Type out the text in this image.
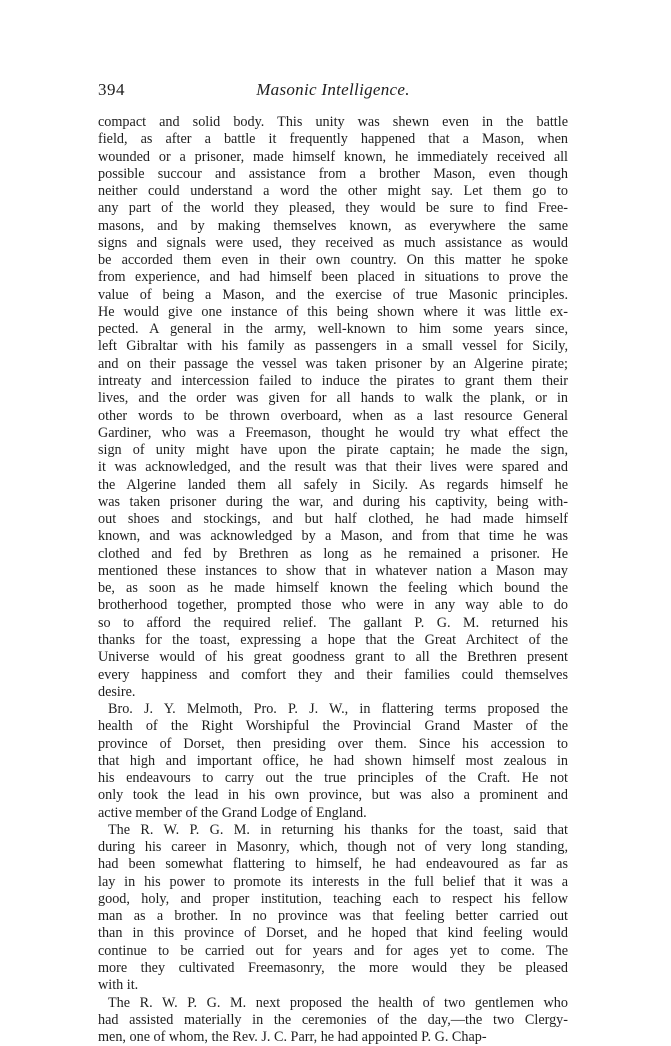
394	Masonic Intelligence.
compact and solid body. This unity was shewn even in the battle
field, as after a battle it frequently happened that a Mason, when
wounded or a prisoner, made himself known, he immediately received all
possible succour and assistance from a brother Mason, even though
neither could understand a word the other might say. Let them go to
any part of the world they pleased, they would be sure to find Free-
masons, and by making themselves known, as everywhere the same
signs and signals were used, they received as much assistance as would
be accorded them even in their own country. On this matter he spoke
from experience, and had himself been placed in situations to prove the
value of being a Mason, and the exercise of true Masonic principles.
He would give one instance of this being shown where it was little ex-
pected. A general in the army, well-known to him some years since,
left Gibraltar with his family as passengers in a small vessel for Sicily,
and on their passage the vessel was taken prisoner by an Algerine pirate;
intreaty and intercession failed to induce the pirates to grant them their
lives, and the order was given for all hands to walk the plank, or in
other words to be thrown overboard, when as a last resource General
Gardiner, who was a Freemason, thought he would try what effect the
sign of unity might have upon the pirate captain; he made the sign,
it was acknowledged, and the result was that their lives were spared and
the Algerine landed them all safely in Sicily. As regards himself he
was taken prisoner during the war, and during his captivity, being with-
out shoes and stockings, and but half clothed, he had made himself
known, and was acknowledged by a Mason, and from that time he was
clothed and fed by Brethren as long as he remained a prisoner. He
mentioned these instances to show that in whatever nation a Mason may
be, as soon as he made himself known the feeling which bound the
brotherhood together, prompted those who were in any way able to do
so to afford the required relief. The gallant P. G. M. returned his
thanks for the toast, expressing a hope that the Great Architect of the
Universe would of his great goodness grant to all the Brethren present
every happiness and comfort they and their families could themselves
desire.
Bro. J. Y. Melmoth, Pro. P. J. W., in flattering terms proposed the
health of the Right Worshipful the Provincial Grand Master of the
province of Dorset, then presiding over them. Since his accession to
that high and important office, he had shown himself most zealous in
his endeavours to carry out the true principles of the Craft. He not
only took the lead in his own province, but was also a prominent and
active member of the Grand Lodge of England.
The R. W. P. G. M. in returning his thanks for the toast, said that
during his career in Masonry, which, though not of very long standing,
had been somewhat flattering to himself, he had endeavoured as far as
lay in his power to promote its interests in the full belief that it was a
good, holy, and proper institution, teaching each to respect his fellow
man as a brother. In no province was that feeling better carried out
than in this province of Dorset, and he hoped that kind feeling would
continue to be carried out for years and for ages yet to come. The
more they cultivated Freemasonry, the more would they be pleased
with it.
The R. W. P. G. M. next proposed the health of two gentlemen who
had assisted materially in the ceremonies of the day,—the two Clergy-
men, one of whom, the Rev. J. C. Parr, he had appointed P. G. Chap-
